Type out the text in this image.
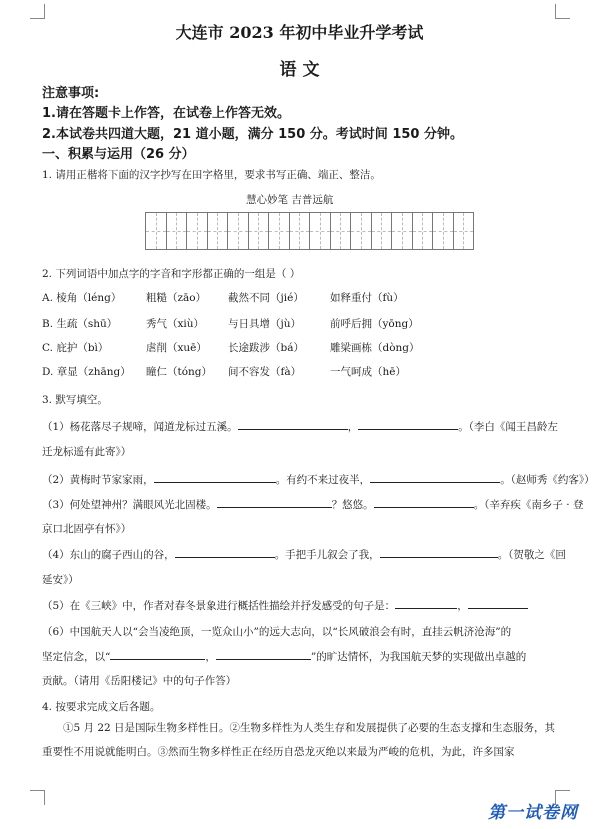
大连市 2023 年初中毕业升学考试
语 文
注意事项:
1.请在答题卡上作答，在试卷上作答无效。
2.本试卷共四道大题，21 道小题，满分 150 分。考试时间 150 分钟。
一、积累与运用（26 分）
1. 请用正楷将下面的汉字抄写在田字格里，要求书写正确、端正、整洁。
慧心妙笔 吉普远航
2. 下列词语中加点字的字音和字形都正确的一组是（ ）
A. 棱角（léng） 粗糙（zāo） 截然不同（jié） 如释重付（fù）
B. 生疏（shū）	秀气（xiù） 与日具增（jù）	前呼后拥（yōng）
C. 庇护（bì）	虐削（xuē） 长途跋涉（bá） 雕梁画栋（dòng）
D. 章显（zhāng） 瞳仁（tóng） 间不容发（fà）	一气呵成（hē）
3. 默写填空。
（1）杨花落尽子规啼，闻道龙标过五溪。	，	。（李白《闻王昌龄左
迁龙标遥有此寄》）
（2）黄梅时节家家雨，	。有约不来过夜半，	。（赵师秀《约客》）
（3）何处望神州？满眼风光北固楼。	？悠悠。	。（辛弃疾《南乡子 · 登
京口北固亭有怀》）
（4）东山的腐子西山的谷，	。手把手儿叙会了我，	。（贺敬之《回
延安》）
（5）在《三峡》中，作者对春冬景象进行概括性描绘并抒发感受的句子是：	，
（6）中国航天人以“会当凌绝顶，一览众山小”的远大志向，以“长风破浪会有时，直挂云帆济沧海”的
坚定信念，以“	，	”的旷达情怀，为我国航天梦的实现做出卓越的
贡献。（请用《岳阳楼记》中的句子作答）
4. 按要求完成文后各题。
①5 月 22 日是国际生物多样性日。②生物多样性为人类生存和发展提供了必要的生态支撑和生态服务，其重要性不用说就能明白。③然而生物多样性正在经历自恐龙灭绝以来最为严峻的危机，为此，许多国家
第一试卷网
